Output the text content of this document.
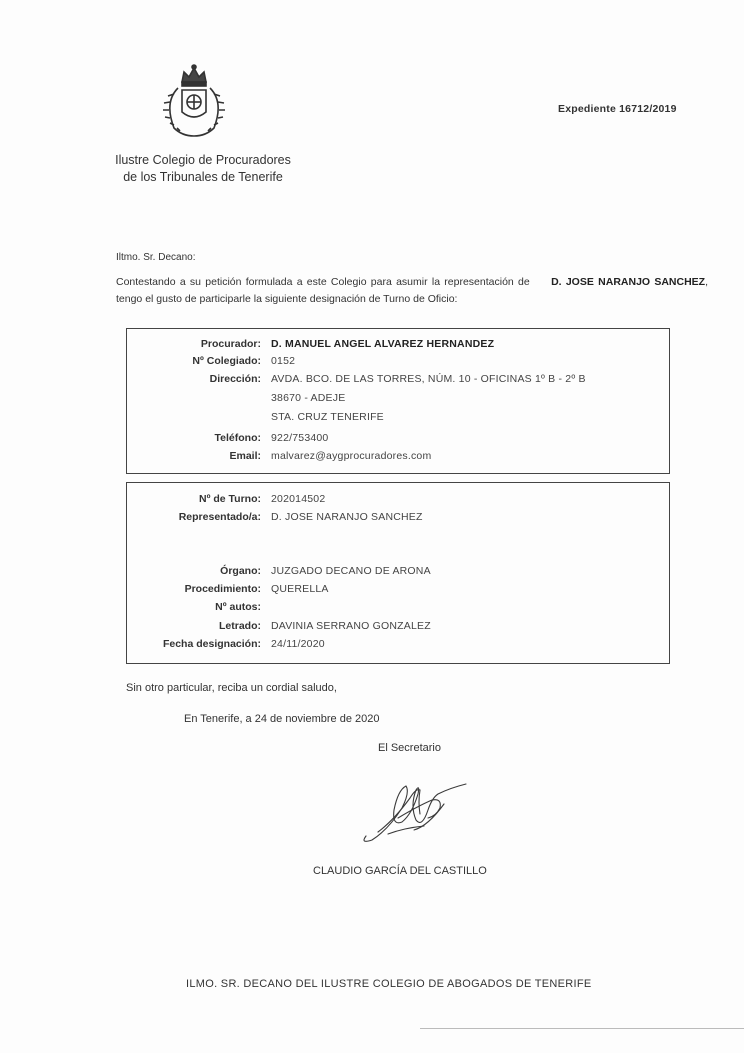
Ilustre Colegio de Procuradores
de los Tribunales de Tenerife
Expediente 16712/2019
Iltmo. Sr. Decano:
Contestando a su petición formulada a este Colegio para asumir la representación de D. JOSE NARANJO SANCHEZ, tengo el gusto de participarle la siguiente designación de Turno de Oficio:
Procurador: D. MANUEL ANGEL ALVAREZ HERNANDEZ
Nº Colegiado: 0152
Dirección: AVDA. BCO. DE LAS TORRES, NÚM. 10 - OFICINAS 1º B - 2º B
38670 - ADEJE
STA. CRUZ TENERIFE
Teléfono: 922/753400
Email: malvarez@aygprocuradores.com
Nº de Turno: 202014502
Representado/a: D. JOSE NARANJO SANCHEZ
Órgano: JUZGADO DECANO DE ARONA
Procedimiento: QUERELLA
Nº autos:
Letrado: DAVINIA SERRANO GONZALEZ
Fecha designación: 24/11/2020
Sin otro particular, reciba un cordial saludo,
En Tenerife, a 24 de noviembre de 2020
El Secretario
CLAUDIO GARCÍA DEL CASTILLO
ILMO. SR. DECANO DEL ILUSTRE COLEGIO DE ABOGADOS DE TENERIFE
